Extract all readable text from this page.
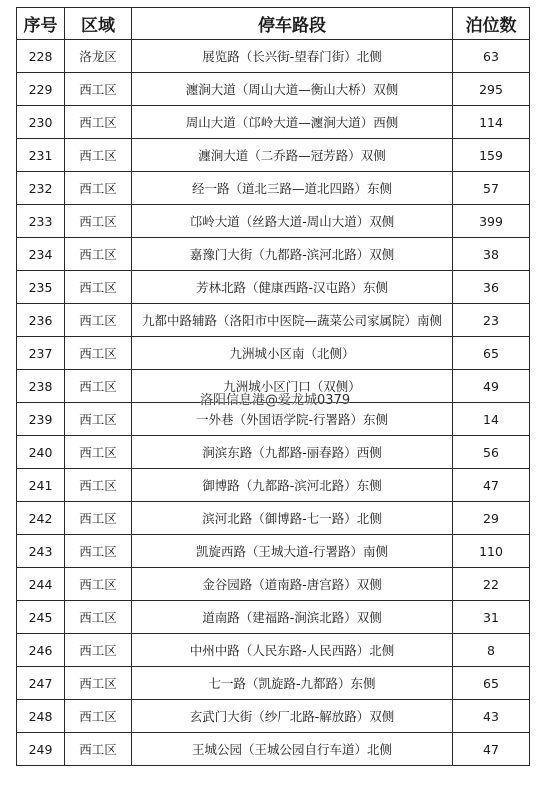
序号	区域	停车路段	泊位数
228	洛龙区	展览路（长兴街-望春门街）北侧	63
229	西工区	瀍涧大道（周山大道—衡山大桥）双侧	295
230	西工区	周山大道（邙岭大道—瀍涧大道）西侧	114
231	西工区	瀍涧大道（二乔路—冠芳路）双侧	159
232	西工区	经一路（道北三路—道北四路）东侧	57
233	西工区	邙岭大道（丝路大道-周山大道）双侧	399
234	西工区	嘉豫门大街（九都路-滨河北路）双侧	38
235	西工区	芳林北路（健康西路-汉屯路）东侧	36
236	西工区	九都中路辅路（洛阳市中医院—蔬菜公司家属院）南侧	23
237	西工区	九洲城小区南（北侧）	65
238	西工区	九洲城小区门口（双侧）	49
239	西工区	一外巷（外国语学院-行署路）东侧	14
240	西工区	涧滨东路（九都路-丽春路）西侧	56
241	西工区	御博路（九都路-滨河北路）东侧	47
242	西工区	滨河北路（御博路-七一路）北侧	29
243	西工区	凯旋西路（王城大道-行署路）南侧	110
244	西工区	金谷园路（道南路-唐宫路）双侧	22
245	西工区	道南路（建福路-涧滨北路）双侧	31
246	西工区	中州中路（人民东路-人民西路）北侧	8
247	西工区	七一路（凯旋路-九都路）东侧	65
248	西工区	玄武门大街（纱厂北路-解放路）双侧	43
249	西工区	王城公园（王城公园自行车道）北侧	47
洛阳信息港@爱龙城0379
